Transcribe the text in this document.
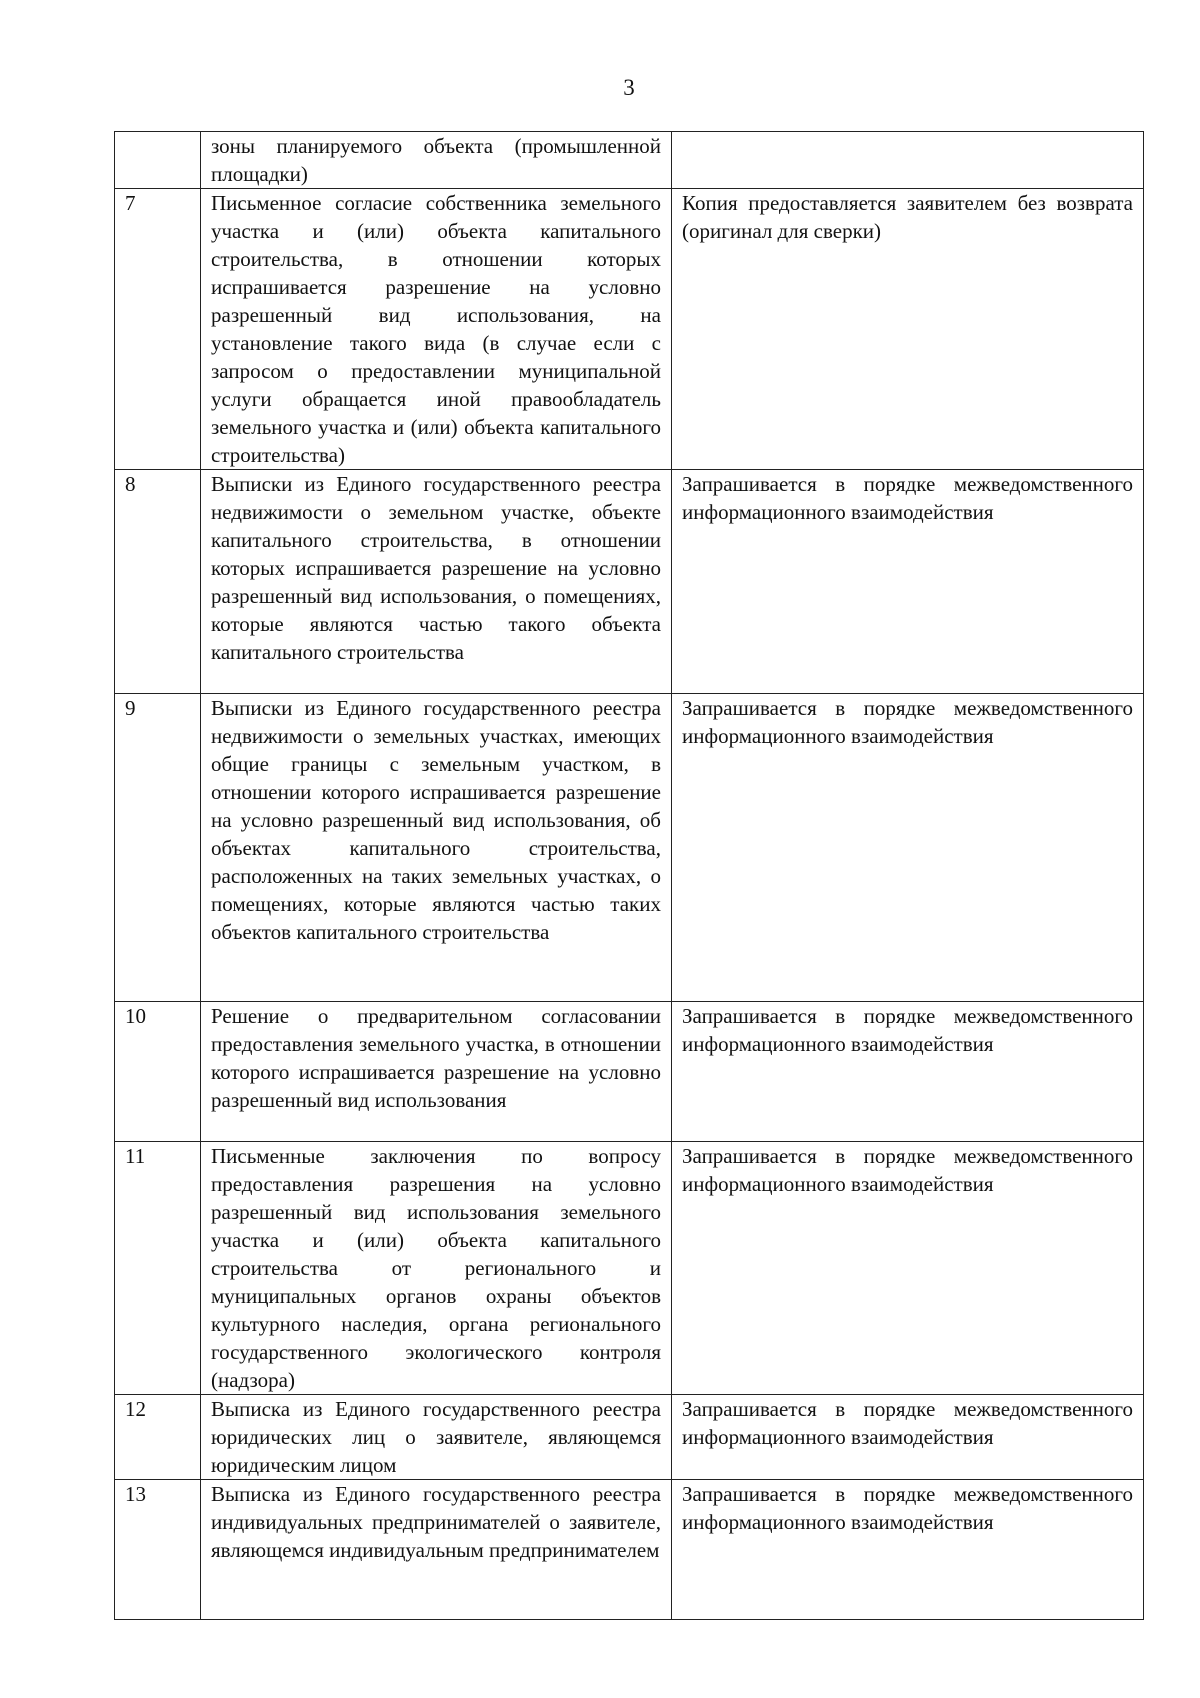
3
	зоны планируемого объекта (промышленной площадки)	
7	Письменное согласие собственника земельного участка и (или) объекта капитального строительства, в отношении которых испрашивается разрешение на условно разрешенный вид использования, на установление такого вида (в случае если с запросом о предоставлении муниципальной услуги обращается иной правообладатель земельного участка и (или) объекта капитального строительства)	Копия предоставляется заявителем без возврата (оригинал для сверки)
8	Выписки из Единого государственного реестра недвижимости о земельном участке, объекте капитального строительства, в отношении которых испрашивается разрешение на условно разрешенный вид использования, о помещениях, которые являются частью такого объекта капитального строительства	Запрашивается в порядке межведомственного информационного взаимодействия
9	Выписки из Единого государственного реестра недвижимости о земельных участках, имеющих общие границы с земельным участком, в отношении которого испрашивается разрешение на условно разрешенный вид использования, об объектах капитального строительства, расположенных на таких земельных участках, о помещениях, которые являются частью таких объектов капитального строительства	Запрашивается в порядке межведомственного информационного взаимодействия
10	Решение о предварительном согласовании предоставления земельного участка, в отношении которого испрашивается разрешение на условно разрешенный вид использования	Запрашивается в порядке межведомственного информационного взаимодействия
11	Письменные заключения по вопросу предоставления разрешения на условно разрешенный вид использования земельного участка и (или) объекта капитального строительства от регионального и муниципальных органов охраны объектов культурного наследия, органа регионального государственного экологического контроля (надзора)	Запрашивается в порядке межведомственного информационного взаимодействия
12	Выписка из Единого государственного реестра юридических лиц о заявителе, являющемся юридическим лицом	Запрашивается в порядке межведомственного информационного взаимодействия
13	Выписка из Единого государственного реестра индивидуальных предпринимателей о заявителе, являющемся индивидуальным предпринимателем	Запрашивается в порядке межведомственного информационного взаимодействия
